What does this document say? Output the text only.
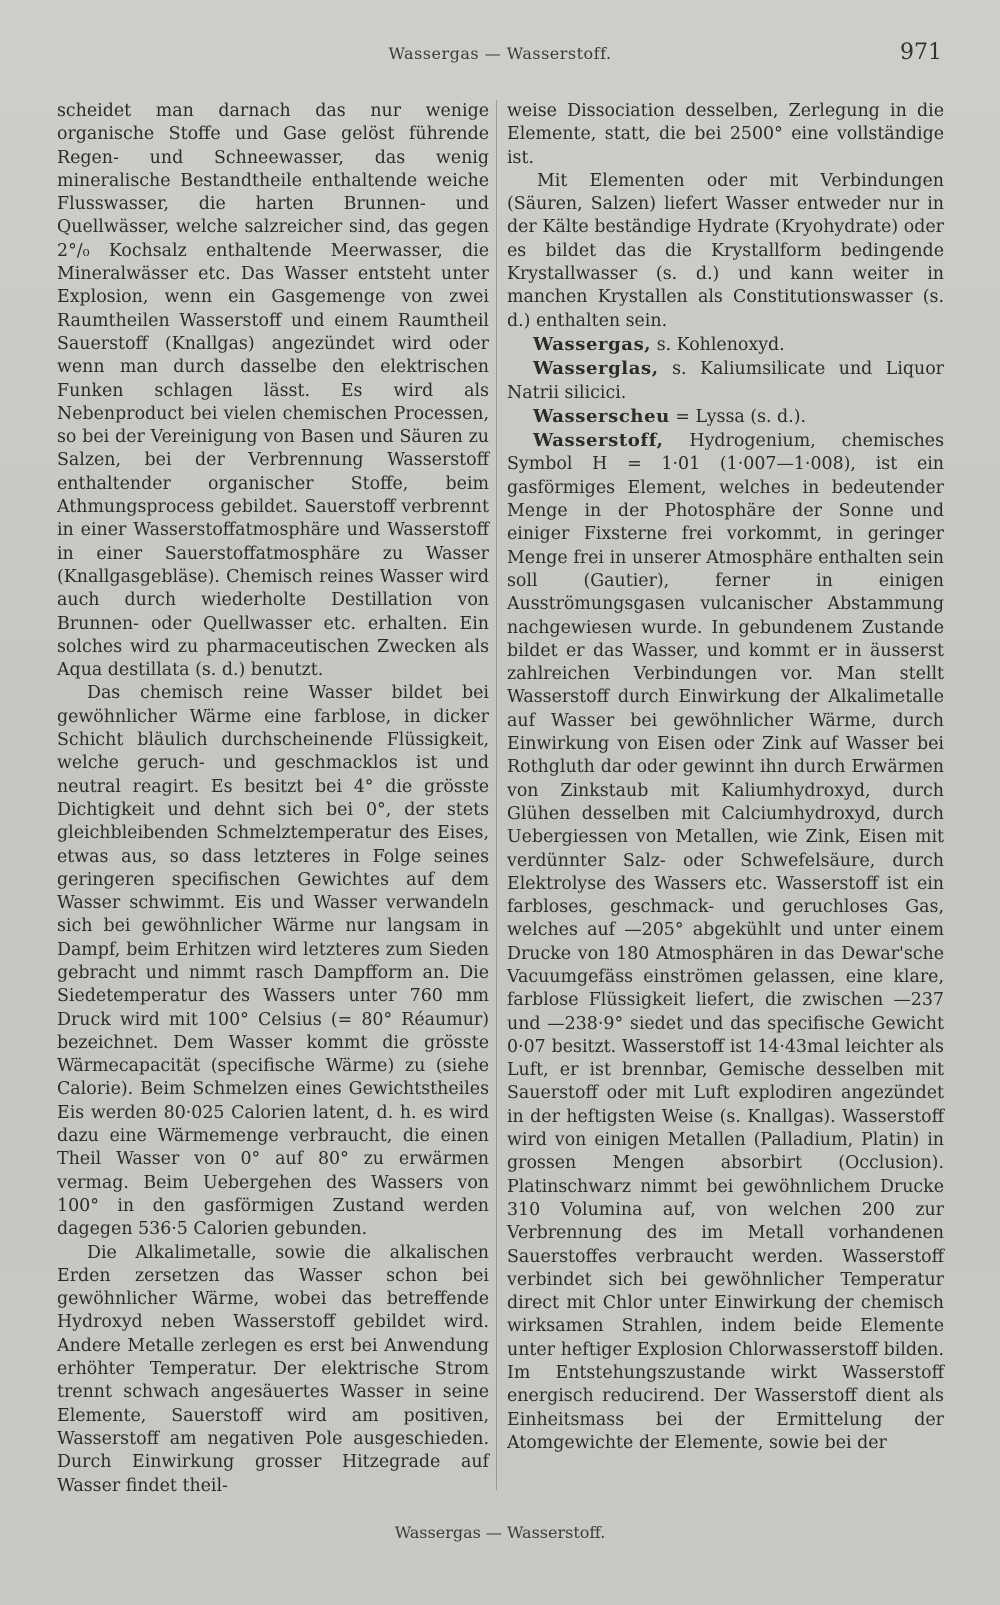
Wassergas — Wasserstoff.	971

scheidet man darnach das nur wenige organische Stoffe und Gase gelöst führende Regen- und Schneewasser, das wenig mineralische Bestandtheile enthaltende weiche Flusswasser, die harten Brunnen- und Quellwässer, welche salzreicher sind, das gegen 2°/₀ Kochsalz enthaltende Meerwasser, die Mineralwässer etc. Das Wasser entsteht unter Explosion, wenn ein Gasgemenge von zwei Raumtheilen Wasserstoff und einem Raumtheil Sauerstoff (Knallgas) angezündet wird oder wenn man durch dasselbe den elektrischen Funken schlagen lässt. Es wird als Nebenproduct bei vielen chemischen Processen, so bei der Vereinigung von Basen und Säuren zu Salzen, bei der Verbrennung Wasserstoff enthaltender organischer Stoffe, beim Athmungsprocess gebildet. Sauerstoff verbrennt in einer Wasserstoffatmosphäre und Wasserstoff in einer Sauerstoffatmosphäre zu Wasser (Knallgasgebläse). Chemisch reines Wasser wird auch durch wiederholte Destillation von Brunnen- oder Quellwasser etc. erhalten. Ein solches wird zu pharmaceutischen Zwecken als Aqua destillata (s. d.) benutzt.

Das chemisch reine Wasser bildet bei gewöhnlicher Wärme eine farblose, in dicker Schicht bläulich durchscheinende Flüssigkeit, welche geruch- und geschmacklos ist und neutral reagirt. Es besitzt bei 4° die grösste Dichtigkeit und dehnt sich bei 0°, der stets gleichbleibenden Schmelztemperatur des Eises, etwas aus, so dass letzteres in Folge seines geringeren specifischen Gewichtes auf dem Wasser schwimmt. Eis und Wasser verwandeln sich bei gewöhnlicher Wärme nur langsam in Dampf, beim Erhitzen wird letzteres zum Sieden gebracht und nimmt rasch Dampfform an. Die Siedetemperatur des Wassers unter 760 mm Druck wird mit 100° Celsius (= 80° Réaumur) bezeichnet. Dem Wasser kommt die grösste Wärmecapacität (specifische Wärme) zu (siehe Calorie). Beim Schmelzen eines Gewichtstheiles Eis werden 80·025 Calorien latent, d. h. es wird dazu eine Wärmemenge verbraucht, die einen Theil Wasser von 0° auf 80° zu erwärmen vermag. Beim Uebergehen des Wassers von 100° in den gasförmigen Zustand werden dagegen 536·5 Calorien gebunden.

Die Alkalimetalle, sowie die alkalischen Erden zersetzen das Wasser schon bei gewöhnlicher Wärme, wobei das betreffende Hydroxyd neben Wasserstoff gebildet wird. Andere Metalle zerlegen es erst bei Anwendung erhöhter Temperatur. Der elektrische Strom trennt schwach angesäuertes Wasser in seine Elemente, Sauerstoff wird am positiven, Wasserstoff am negativen Pole ausgeschieden. Durch Einwirkung grosser Hitzegrade auf Wasser findet theil-

weise Dissociation desselben, Zerlegung in die Elemente, statt, die bei 2500° eine vollständige ist.

Mit Elementen oder mit Verbindungen (Säuren, Salzen) liefert Wasser entweder nur in der Kälte beständige Hydrate (Kryohydrate) oder es bildet das die Krystallform bedingende Krystallwasser (s. d.) und kann weiter in manchen Krystallen als Constitutionswasser (s. d.) enthalten sein.

Wassergas, s. Kohlenoxyd.

Wasserglas, s. Kaliumsilicate und Liquor Natrii silicici.

Wasserscheu = Lyssa (s. d.).

Wasserstoff, Hydrogenium, chemisches Symbol H = 1·01 (1·007—1·008), ist ein gasförmiges Element, welches in bedeutender Menge in der Photosphäre der Sonne und einiger Fixsterne frei vorkommt, in geringer Menge frei in unserer Atmosphäre enthalten sein soll (Gautier), ferner in einigen Ausströmungsgasen vulcanischer Abstammung nachgewiesen wurde. In gebundenem Zustande bildet er das Wasser, und kommt er in äusserst zahlreichen Verbindungen vor. Man stellt Wasserstoff durch Einwirkung der Alkalimetalle auf Wasser bei gewöhnlicher Wärme, durch Einwirkung von Eisen oder Zink auf Wasser bei Rothgluth dar oder gewinnt ihn durch Erwärmen von Zinkstaub mit Kaliumhydroxyd, durch Glühen desselben mit Calciumhydroxyd, durch Uebergiessen von Metallen, wie Zink, Eisen mit verdünnter Salz- oder Schwefelsäure, durch Elektrolyse des Wassers etc. Wasserstoff ist ein farbloses, geschmack- und geruchloses Gas, welches auf —205° abgekühlt und unter einem Drucke von 180 Atmosphären in das Dewar'sche Vacuumgefäss einströmen gelassen, eine klare, farblose Flüssigkeit liefert, die zwischen —237 und —238·9° siedet und das specifische Gewicht 0·07 besitzt. Wasserstoff ist 14·43mal leichter als Luft, er ist brennbar, Gemische desselben mit Sauerstoff oder mit Luft explodiren angezündet in der heftigsten Weise (s. Knallgas). Wasserstoff wird von einigen Metallen (Palladium, Platin) in grossen Mengen absorbirt (Occlusion). Platinschwarz nimmt bei gewöhnlichem Drucke 310 Volumina auf, von welchen 200 zur Verbrennung des im Metall vorhandenen Sauerstoffes verbraucht werden. Wasserstoff verbindet sich bei gewöhnlicher Temperatur direct mit Chlor unter Einwirkung der chemisch wirksamen Strahlen, indem beide Elemente unter heftiger Explosion Chlorwasserstoff bilden. Im Entstehungszustande wirkt Wasserstoff energisch reducirend. Der Wasserstoff dient als Einheitsmass bei der Ermittelung der Atomgewichte der Elemente, sowie bei der

Wassergas — Wasserstoff.
